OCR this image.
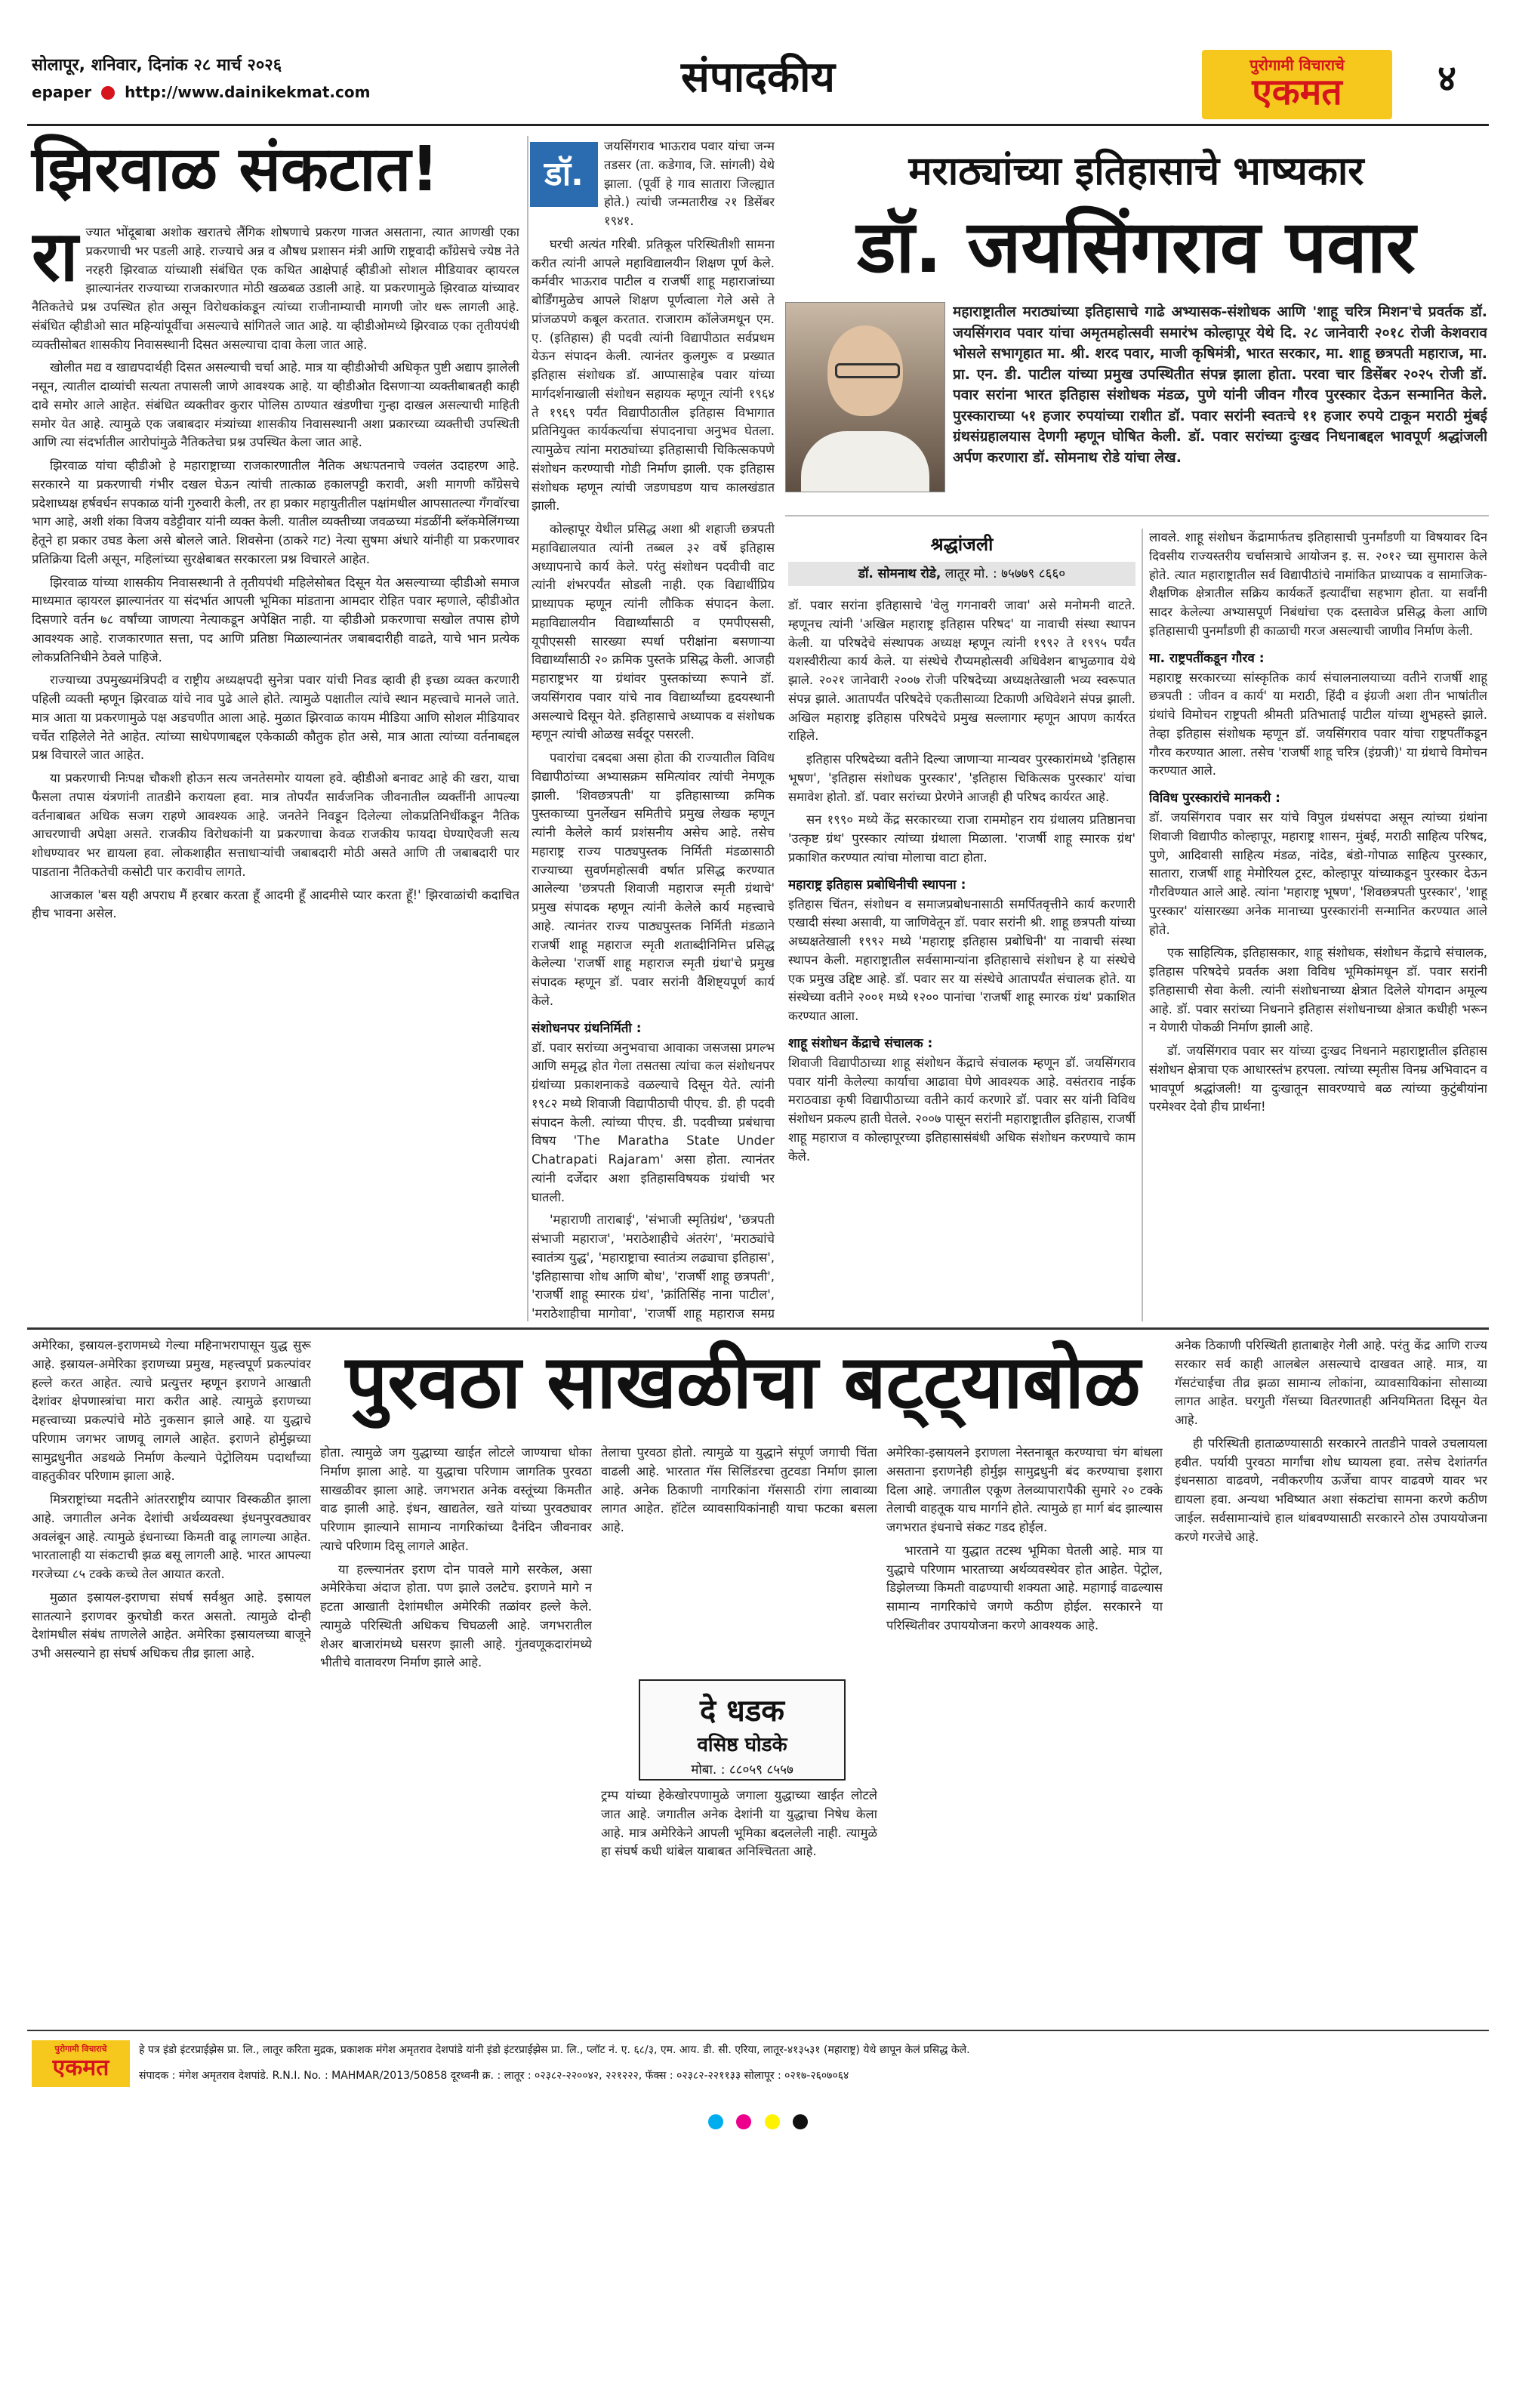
सोलापूर, शनिवार, दिनांक २८ मार्च २०२६
epaper http://www.dainikekmat.com	संपादकीय	पुरोगामी विचाराचे
एकमत	४
झिरवाळ संकटात!
रा ज्यात भोंदूबाबा अशोक खरातचे लैंगिक शोषणाचे प्रकरण गाजत असताना, त्यात आणखी एका प्रकरणाची भर पडली आहे. राज्याचे अन्न व औषध प्रशासन मंत्री आणि राष्ट्रवादी काँग्रेसचे ज्येष्ठ नेते नरहरी झिरवाळ यांच्याशी संबंधित एक कथित आक्षेपार्ह व्हीडीओ सोशल मीडियावर व्हायरल झाल्यानंतर राज्याच्या राजकारणात मोठी खळबळ उडाली आहे. या प्रकरणामुळे झिरवाळ यांच्यावर नैतिकतेचे प्रश्न उपस्थित होत असून विरोधकांकडून त्यांच्या राजीनाम्याची मागणी जोर धरू लागली आहे. संबंधित व्हीडीओ सात महिन्यांपूर्वीचा असल्याचे सांगितले जात आहे. या व्हीडीओमध्ये झिरवाळ एका तृतीयपंथी व्यक्तीसोबत शासकीय निवासस्थानी दिसत असल्याचा दावा केला जात आहे.

खोलीत मद्य व खाद्यपदार्थही दिसत असल्याची चर्चा आहे. मात्र या व्हीडीओची अधिकृत पुष्टी अद्याप झालेली नसून, त्यातील दाव्यांची सत्यता तपासली जाणे आवश्यक आहे. या व्हीडीओत दिसणाऱ्या व्यक्तीबाबतही काही दावे समोर आले आहेत. संबंधित व्यक्तीवर कुरार पोलिस ठाण्यात खंडणीचा गुन्हा दाखल असल्याची माहिती समोर येत आहे. त्यामुळे एक जबाबदार मंत्र्यांच्या शासकीय निवासस्थानी अशा प्रकारच्या व्यक्तीची उपस्थिती आणि त्या संदर्भातील आरोपांमुळे नैतिकतेचा प्रश्न उपस्थित केला जात आहे.

झिरवाळ यांचा व्हीडीओ हे महाराष्ट्राच्या राजकारणातील नैतिक अधःपतनाचे ज्वलंत उदाहरण आहे. सरकारने या प्रकरणाची गंभीर दखल घेऊन त्यांची तात्काळ हकालपट्टी करावी, अशी मागणी काँग्रेसचे प्रदेशाध्यक्ष हर्षवर्धन सपकाळ यांनी गुरुवारी केली, तर हा प्रकार महायुतीतील पक्षांमधील आपसातल्या गँगवॉरचा भाग आहे, अशी शंका विजय वडेट्टीवार यांनी व्यक्त केली. यातील व्यक्तीच्या जवळच्या मंडळींनी ब्लॅकमेलिंगच्या हेतूने हा प्रकार उघड केला असे बोलले जाते. शिवसेना (ठाकरे गट) नेत्या सुषमा अंधारे यांनीही या प्रकरणावर प्रतिक्रिया दिली असून, महिलांच्या सुरक्षेबाबत सरकारला प्रश्न विचारले आहेत.

झिरवाळ यांच्या शासकीय निवासस्थानी ते तृतीयपंथी महिलेसोबत दिसून येत असल्याच्या व्हीडीओ समाज माध्यमात व्हायरल झाल्यानंतर या संदर्भात आपली भूमिका मांडताना आमदार रोहित पवार म्हणाले, व्हीडीओत दिसणारे वर्तन ७८ वर्षांच्या जाणत्या नेत्याकडून अपेक्षित नाही. या व्हीडीओ प्रकरणाचा सखोल तपास होणे आवश्यक आहे. राजकारणात सत्ता, पद आणि प्रतिष्ठा मिळाल्यानंतर जबाबदारीही वाढते, याचे भान प्रत्येक लोकप्रतिनिधीने ठेवले पाहिजे.

राज्याच्या उपमुख्यमंत्रिपदी व राष्ट्रीय अध्यक्षपदी सुनेत्रा पवार यांची निवड व्हावी ही इच्छा व्यक्त करणारी पहिली व्यक्ती म्हणून झिरवाळ यांचे नाव पुढे आले होते. त्यामुळे पक्षातील त्यांचे स्थान महत्त्वाचे मानले जाते. मात्र आता या प्रकरणामुळे पक्ष अडचणीत आला आहे. मुळात झिरवाळ कायम मीडिया आणि सोशल मीडियावर चर्चेत राहिलेले नेते आहेत. त्यांच्या साधेपणाबद्दल एकेकाळी कौतुक होत असे, मात्र आता त्यांच्या वर्तनाबद्दल प्रश्न विचारले जात आहेत.

या प्रकरणाची निःपक्ष चौकशी होऊन सत्य जनतेसमोर यायला हवे. व्हीडीओ बनावट आहे की खरा, याचा फैसला तपास यंत्रणांनी तातडीने करायला हवा. मात्र तोपर्यंत सार्वजनिक जीवनातील व्यक्तींनी आपल्या वर्तनाबाबत अधिक सजग राहणे आवश्यक आहे. जनतेने निवडून दिलेल्या लोकप्रतिनिधींकडून नैतिक आचरणाची अपेक्षा असते. राजकीय विरोधकांनी या प्रकरणाचा केवळ राजकीय फायदा घेण्याऐवजी सत्य शोधण्यावर भर द्यायला हवा. लोकशाहीत सत्ताधाऱ्यांची जबाबदारी मोठी असते आणि ती जबाबदारी पार पाडताना नैतिकतेची कसोटी पार करावीच लागते.

आजकाल 'बस यही अपराध मैं हरबार करता हूँ आदमी हूँ आदमीसे प्यार करता हूँ!' झिरवाळांची कदाचित हीच भावना असेल.

डॉ.

जयसिंगराव भाऊराव पवार यांचा जन्म तडसर (ता. कडेगाव, जि. सांगली) येथे झाला. (पूर्वी हे गाव सातारा जिल्ह्यात होते.) त्यांची जन्मतारीख २१ डिसेंबर १९४१.

घरची अत्यंत गरिबी. प्रतिकूल परिस्थितीशी सामना करीत त्यांनी आपले महाविद्यालयीन शिक्षण पूर्ण केले. कर्मवीर भाऊराव पाटील व राजर्षी शाहू महाराजांच्या बोर्डिंगमुळेच आपले शिक्षण पूर्णत्वाला गेले असे ते प्रांजळपणे कबूल करतात. राजाराम कॉलेजमधून एम. ए. (इतिहास) ही पदवी त्यांनी विद्यापीठात सर्वप्रथम येऊन संपादन केली. त्यानंतर कुलगुरू व प्रख्यात इतिहास संशोधक डॉ. आप्पासाहेब पवार यांच्या मार्गदर्शनाखाली संशोधन सहायक म्हणून त्यांनी १९६४ ते १९६९ पर्यंत विद्यापीठातील इतिहास विभागात प्रतिनियुक्त कार्यकर्त्याचा संपादनाचा अनुभव घेतला. त्यामुळेच त्यांना मराठ्यांच्या इतिहासाची चिकित्सकपणे संशोधन करण्याची गोडी निर्माण झाली. एक इतिहास संशोधक म्हणून त्यांची जडणघडण याच कालखंडात झाली.

कोल्हापूर येथील प्रसिद्ध अशा श्री शहाजी छत्रपती महाविद्यालयात त्यांनी तब्बल ३२ वर्षे इतिहास अध्यापनाचे कार्य केले. परंतु संशोधन पदवीची वाट त्यांनी शंभरपर्यंत सोडली नाही. एक विद्यार्थीप्रिय प्राध्यापक म्हणून त्यांनी लौकिक संपादन केला. महाविद्यालयीन विद्यार्थ्यांसाठी व एमपीएससी, यूपीएससी सारख्या स्पर्धा परीक्षांना बसणाऱ्या विद्यार्थ्यांसाठी २० क्रमिक पुस्तके प्रसिद्ध केली. आजही महाराष्ट्रभर या ग्रंथांवर पुस्तकांच्या रूपाने डॉ. जयसिंगराव पवार यांचे नाव विद्यार्थ्यांच्या हृदयस्थानी असल्याचे दिसून येते. इतिहासाचे अध्यापक व संशोधक म्हणून त्यांची ओळख सर्वदूर पसरली.

पवारांचा दबदबा असा होता की राज्यातील विविध विद्यापीठांच्या अभ्यासक्रम समित्यांवर त्यांची नेमणूक झाली. 'शिवछत्रपती' या इतिहासाच्या क्रमिक पुस्तकाच्या पुनर्लेखन समितीचे प्रमुख लेखक म्हणून त्यांनी केलेले कार्य प्रशंसनीय असेच आहे. तसेच महाराष्ट्र राज्य पाठ्यपुस्तक निर्मिती मंडळासाठी राज्याच्या सुवर्णमहोत्सवी वर्षात प्रसिद्ध करण्यात आलेल्या 'छत्रपती शिवाजी महाराज स्मृती ग्रंथाचे' प्रमुख संपादक म्हणून त्यांनी केलेले कार्य महत्त्वाचे आहे. त्यानंतर राज्य पाठ्यपुस्तक निर्मिती मंडळाने राजर्षी शाहू महाराज स्मृती शताब्दीनिमित्त प्रसिद्ध केलेल्या 'राजर्षी शाहू महाराज स्मृती ग्रंथा'चे प्रमुख संपादक म्हणून डॉ. पवार सरांनी वैशिष्ट्यपूर्ण कार्य केले.

संशोधनपर ग्रंथनिर्मिती :

डॉ. पवार सरांच्या अनुभवाचा आवाका जसजसा प्रगल्भ आणि समृद्ध होत गेला तसतसा त्यांचा कल संशोधनपर ग्रंथांच्या प्रकाशनाकडे वळल्याचे दिसून येते. त्यांनी १९८२ मध्ये शिवाजी विद्यापीठाची पीएच. डी. ही पदवी संपादन केली. त्यांच्या पीएच. डी. पदवीच्या प्रबंधाचा विषय 'The Maratha State Under Chatrapati Rajaram' असा होता. त्यानंतर त्यांनी दर्जेदार अशा इतिहासविषयक ग्रंथांची भर घातली.

'महाराणी ताराबाई', 'संभाजी स्मृतिग्रंथ', 'छत्रपती संभाजी महाराज', 'मराठेशाहीचे अंतरंग', 'मराठ्यांचे स्वातंत्र्य युद्ध', 'महाराष्ट्राचा स्वातंत्र्य लढ्याचा इतिहास', 'इतिहासाचा शोध आणि बोध', 'राजर्षी शाहू छत्रपती', 'राजर्षी शाहू स्मारक ग्रंथ', 'क्रांतिसिंह नाना पाटील', 'मराठेशाहीचा मागोवा', 'राजर्षी शाहू महाराज समग्र

मराठ्यांच्या इतिहासाचे भाष्यकार
डॉ. जयसिंगराव पवार
महाराष्ट्रातील मराठ्यांच्या इतिहासाचे गाढे अभ्यासक-संशोधक आणि 'शाहू चरित्र मिशन'चे प्रवर्तक डॉ. जयसिंगराव पवार यांचा अमृतमहोत्सवी समारंभ कोल्हापूर येथे दि. २८ जानेवारी २०१८ रोजी केशवराव भोसले सभागृहात मा. श्री. शरद पवार, माजी कृषिमंत्री, भारत सरकार, मा. शाहू छत्रपती महाराज, मा. प्रा. एन. डी. पाटील यांच्या प्रमुख उपस्थितीत संपन्न झाला होता. परवा चार डिसेंबर २०२५ रोजी डॉ. पवार सरांना भारत इतिहास संशोधक मंडळ, पुणे यांनी जीवन गौरव पुरस्कार देऊन सन्मानित केले. पुरस्काराच्या ५१ हजार रुपयांच्या राशीत डॉ. पवार सरांनी स्वतःचे ११ हजार रुपये टाकून मराठी मुंबई ग्रंथसंग्रहालयास देणगी म्हणून घोषित केली. डॉ. पवार सरांच्या दुःखद निधनाबद्दल भावपूर्ण श्रद्धांजली अर्पण करणारा डॉ. सोमनाथ रोडे यांचा लेख.
श्रद्धांजली
डॉ. सोमनाथ रोडे, लातूर मो. : ७५७७९ ८६६०

डॉ. पवार सरांना इतिहासाचे 'वेलु गगनावरी जावा' असे मनोमनी वाटते. म्हणूनच त्यांनी 'अखिल महाराष्ट्र इतिहास परिषद' या नावाची संस्था स्थापन केली. या परिषदेचे संस्थापक अध्यक्ष म्हणून त्यांनी १९९२ ते १९९५ पर्यंत यशस्वीरीत्या कार्य केले. या संस्थेचे रौप्यमहोत्सवी अधिवेशन बाभुळगाव येथे झाले. २०२१ जानेवारी २००७ रोजी परिषदेच्या अध्यक्षतेखाली भव्य स्वरूपात संपन्न झाले. आतापर्यंत परिषदेचे एकतीसाव्या टिकाणी अधिवेशने संपन्न झाली. अखिल महाराष्ट्र इतिहास परिषदेचे प्रमुख सल्लागार म्हणून आपण कार्यरत राहिले.

इतिहास परिषदेच्या वतीने दिल्या जाणाऱ्या मान्यवर पुरस्कारांमध्ये 'इतिहास भूषण', 'इतिहास संशोधक पुरस्कार', 'इतिहास चिकित्सक पुरस्कार' यांचा समावेश होतो. डॉ. पवार सरांच्या प्रेरणेने आजही ही परिषद कार्यरत आहे.

सन १९९० मध्ये केंद्र सरकारच्या राजा राममोहन राय ग्रंथालय प्रतिष्ठानचा 'उत्कृष्ट ग्रंथ' पुरस्कार त्यांच्या ग्रंथाला मिळाला. 'राजर्षी शाहू स्मारक ग्रंथ' प्रकाशित करण्यात त्यांचा मोलाचा वाटा होता.

महाराष्ट्र इतिहास प्रबोधिनीची स्थापना :

इतिहास चिंतन, संशोधन व समाजप्रबोधनासाठी समर्पितवृत्तीने कार्य करणारी एखादी संस्था असावी, या जाणिवेतून डॉ. पवार सरांनी श्री. शाहू छत्रपती यांच्या अध्यक्षतेखाली १९९२ मध्ये 'महाराष्ट्र इतिहास प्रबोधिनी' या नावाची संस्था स्थापन केली. महाराष्ट्रातील सर्वसामान्यांना इतिहासाचे संशोधन हे या संस्थेचे एक प्रमुख उद्दिष्ट आहे. डॉ. पवार सर या संस्थेचे आतापर्यंत संचालक होते. या संस्थेच्या वतीने २००१ मध्ये १२०० पानांचा 'राजर्षी शाहू स्मारक ग्रंथ' प्रकाशित करण्यात आला.

शाहू संशोधन केंद्राचे संचालक :

शिवाजी विद्यापीठाच्या शाहू संशोधन केंद्राचे संचालक म्हणून डॉ. जयसिंगराव पवार यांनी केलेल्या कार्याचा आढावा घेणे आवश्यक आहे. वसंतराव नाईक मराठवाडा कृषी विद्यापीठाच्या वतीने कार्य करणारे डॉ. पवार सर यांनी विविध संशोधन प्रकल्प हाती घेतले. २००७ पासून सरांनी महाराष्ट्रातील इतिहास, राजर्षी शाहू महाराज व कोल्हापूरच्या इतिहासासंबंधी अधिक संशोधन करण्याचे काम केले.

लावले. शाहू संशोधन केंद्रामार्फतच इतिहासाची पुनर्मांडणी या विषयावर दिन दिवसीय राज्यस्तरीय चर्चासत्राचे आयोजन इ. स. २०१२ च्या सुमारास केले होते. त्यात महाराष्ट्रातील सर्व विद्यापीठांचे नामांकित प्राध्यापक व सामाजिक-शैक्षणिक क्षेत्रातील सक्रिय कार्यकर्ते इत्यादींचा सहभाग होता. या सर्वांनी सादर केलेल्या अभ्यासपूर्ण निबंधांचा एक दस्तावेज प्रसिद्ध केला आणि इतिहासाची पुनर्मांडणी ही काळाची गरज असल्याची जाणीव निर्माण केली.

मा. राष्ट्रपतींकडून गौरव :

महाराष्ट्र सरकारच्या सांस्कृतिक कार्य संचालनालयाच्या वतीने राजर्षी शाहू छत्रपती : जीवन व कार्य' या मराठी, हिंदी व इंग्रजी अशा तीन भाषांतील ग्रंथांचे विमोचन राष्ट्रपती श्रीमती प्रतिभाताई पाटील यांच्या शुभहस्ते झाले. तेव्हा इतिहास संशोधक म्हणून डॉ. जयसिंगराव पवार यांचा राष्ट्रपतींकडून गौरव करण्यात आला. तसेच 'राजर्षी शाहू चरित्र (इंग्रजी)' या ग्रंथाचे विमोचन करण्यात आले.

विविध पुरस्कारांचे मानकरी :

डॉ. जयसिंगराव पवार सर यांचे विपुल ग्रंथसंपदा असून त्यांच्या ग्रंथांना शिवाजी विद्यापीठ कोल्हापूर, महाराष्ट्र शासन, मुंबई, मराठी साहित्य परिषद, पुणे, आदिवासी साहित्य मंडळ, नांदेड, बंडो-गोपाळ साहित्य पुरस्कार, सातारा, राजर्षी शाहू मेमोरियल ट्रस्ट, कोल्हापूर यांच्याकडून पुरस्कार देऊन गौरविण्यात आले आहे. त्यांना 'महाराष्ट्र भूषण', 'शिवछत्रपती पुरस्कार', 'शाहू पुरस्कार' यांसारख्या अनेक मानाच्या पुरस्कारांनी सन्मानित करण्यात आले होते.

एक साहित्यिक, इतिहासकार, शाहू संशोधक, संशोधन केंद्राचे संचालक, इतिहास परिषदेचे प्रवर्तक अशा विविध भूमिकांमधून डॉ. पवार सरांनी इतिहासाची सेवा केली. त्यांनी संशोधनाच्या क्षेत्रात दिलेले योगदान अमूल्य आहे. डॉ. पवार सरांच्या निधनाने इतिहास संशोधनाच्या क्षेत्रात कधीही भरून न येणारी पोकळी निर्माण झाली आहे.

डॉ. जयसिंगराव पवार सर यांच्या दुःखद निधनाने महाराष्ट्रातील इतिहास संशोधन क्षेत्राचा एक आधारस्तंभ हरपला. त्यांच्या स्मृतीस विनम्र अभिवादन व भावपूर्ण श्रद्धांजली! या दुःखातून सावरण्याचे बळ त्यांच्या कुटुंबीयांना परमेश्वर देवो हीच प्रार्थना!

अमेरिका, इस्रायल-इराणमध्ये गेल्या महिनाभरापासून युद्ध सुरू आहे. इस्रायल-अमेरिका इराणच्या प्रमुख, महत्त्वपूर्ण प्रकल्पांवर हल्ले करत आहेत. त्याचे प्रत्युत्तर म्हणून इराणने आखाती देशांवर क्षेपणास्त्रांचा मारा करीत आहे. त्यामुळे इराणच्या महत्त्वाच्या प्रकल्पांचे मोठे नुकसान झाले आहे. या युद्धाचे परिणाम जगभर जाणवू लागले आहेत. इराणने होर्मुझच्या सामुद्रधुनीत अडथळे निर्माण केल्याने पेट्रोलियम पदार्थांच्या वाहतुकीवर परिणाम झाला आहे.

मित्रराष्ट्रांच्या मदतीने आंतरराष्ट्रीय व्यापार विस्कळीत झाला आहे. जगातील अनेक देशांची अर्थव्यवस्था इंधनपुरवठ्यावर अवलंबून आहे. त्यामुळे इंधनाच्या किमती वाढू लागल्या आहेत. भारतालाही या संकटाची झळ बसू लागली आहे. भारत आपल्या गरजेच्या ८५ टक्के कच्चे तेल आयात करतो.

मुळात इस्रायल-इराणचा संघर्ष सर्वश्रुत आहे. इस्रायल सातत्याने इराणवर कुरघोडी करत असतो. त्यामुळे दोन्ही देशांमधील संबंध ताणलेले आहेत. अमेरिका इस्रायलच्या बाजूने उभी असल्याने हा संघर्ष अधिकच तीव्र झाला आहे.

पुरवठा साखळीचा बट्ट्याबोळ

होता. त्यामुळे जग युद्धाच्या खाईत लोटले जाण्याचा धोका निर्माण झाला आहे. या युद्धाचा परिणाम जागतिक पुरवठा साखळीवर झाला आहे. जगभरात अनेक वस्तूंच्या किमतीत वाढ झाली आहे. इंधन, खाद्यतेल, खते यांच्या पुरवठ्यावर परिणाम झाल्याने सामान्य नागरिकांच्या दैनंदिन जीवनावर त्याचे परिणाम दिसू लागले आहेत.

या हल्ल्यानंतर इराण दोन पावले मागे सरकेल, असा अमेरिकेचा अंदाज होता. पण झाले उलटेच. इराणने मागे न हटता आखाती देशांमधील अमेरिकी तळांवर हल्ले केले. त्यामुळे परिस्थिती अधिकच चिघळली आहे. जगभरातील शेअर बाजारांमध्ये घसरण झाली आहे. गुंतवणूकदारांमध्ये भीतीचे वातावरण निर्माण झाले आहे.

तेलाचा पुरवठा होतो. त्यामुळे या युद्धाने संपूर्ण जगाची चिंता वाढली आहे. भारतात गॅस सिलिंडरचा तुटवडा निर्माण झाला आहे. अनेक ठिकाणी नागरिकांना गॅससाठी रांगा लावाव्या लागत आहेत. हॉटेल व्यावसायिकांनाही याचा फटका बसला आहे.

दे धडक
वसिष्ठ घोडके
मोबा. : ८८०५९ ८५५७

ट्रम्प यांच्या हेकेखोरपणामुळे जगाला युद्धाच्या खाईत लोटले जात आहे. जगातील अनेक देशांनी या युद्धाचा निषेध केला आहे. मात्र अमेरिकेने आपली भूमिका बदललेली नाही. त्यामुळे हा संघर्ष कधी थांबेल याबाबत अनिश्चितता आहे.

अमेरिका-इस्रायलने इराणला नेस्तनाबूत करण्याचा चंग बांधला असताना इराणनेही होर्मुझ सामुद्रधुनी बंद करण्याचा इशारा दिला आहे. जगातील एकूण तेलव्यापारापैकी सुमारे २० टक्के तेलाची वाहतूक याच मार्गाने होते. त्यामुळे हा मार्ग बंद झाल्यास जगभरात इंधनाचे संकट गडद होईल.

भारताने या युद्धात तटस्थ भूमिका घेतली आहे. मात्र या युद्धाचे परिणाम भारताच्या अर्थव्यवस्थेवर होत आहेत. पेट्रोल, डिझेलच्या किमती वाढण्याची शक्यता आहे. महागाई वाढल्यास सामान्य नागरिकांचे जगणे कठीण होईल. सरकारने या परिस्थितीवर उपाययोजना करणे आवश्यक आहे.

अनेक ठिकाणी परिस्थिती हाताबाहेर गेली आहे. परंतु केंद्र आणि राज्य सरकार सर्व काही आलबेल असल्याचे दाखवत आहे. मात्र, या गॅसटंचाईचा तीव्र झळा सामान्य लोकांना, व्यावसायिकांना सोसाव्या लागत आहेत. घरगुती गॅसच्या वितरणातही अनियमितता दिसून येत आहे.

ही परिस्थिती हाताळण्यासाठी सरकारने तातडीने पावले उचलायला हवीत. पर्यायी पुरवठा मार्गांचा शोध घ्यायला हवा. तसेच देशांतर्गत इंधनसाठा वाढवणे, नवीकरणीय ऊर्जेचा वापर वाढवणे यावर भर द्यायला हवा. अन्यथा भविष्यात अशा संकटांचा सामना करणे कठीण जाईल. सर्वसामान्यांचे हाल थांबवण्यासाठी सरकारने ठोस उपाययोजना करणे गरजेचे आहे.

पुरोगामी विचाराचे
एकमत
हे पत्र इंडो इंटरप्राईझेस प्रा. लि., लातूर करिता मुद्रक, प्रकाशक मंगेश अमृतराव देशपांडे यांनी इंडो इंटरप्राईझेस प्रा. लि., प्लॉट नं. ए. ६८/३, एम. आय. डी. सी. एरिया, लातूर-४१३५३१ (महाराष्ट्र) येथे छापून केलं प्रसिद्ध केले.
संपादक : मंगेश अमृतराव देशपांडे. R.N.I. No. : MAHMAR/2013/50858 दूरध्वनी क्र. : लातूर : ०२३८२-२२००४२, २२१२२२, फॅक्स : ०२३८२-२२११३३ सोलापूर : ०२१७-२६०७०६४
